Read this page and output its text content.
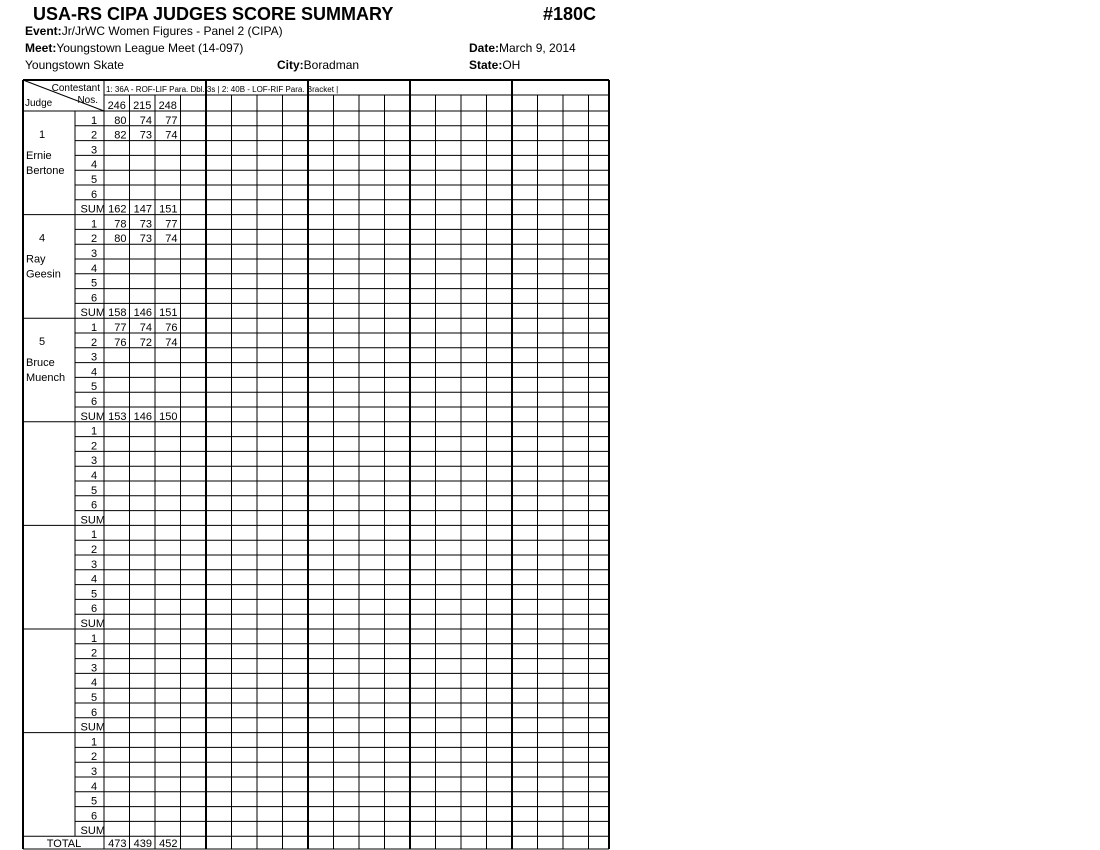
USA-RS CIPA JUDGES SCORE SUMMARY	#180C
Event:Jr/JrWC Women Figures - Panel 2 (CIPA)
Meet:Youngstown League Meet (14-097)	Date:March 9, 2014
Youngstown Skate	City:Boradman	State:OH
Contestant
Nos.
Judge
1: 36A - ROF-LIF Para. Dbl. 3s | 2: 40B - LOF-RIF Para. Bracket |
246 215 248
1
Ernie
Bertone
1 80 74 77
2 82 73 74
3
4
5
6
SUM 162 147 151
4
Ray
Geesin
1 78 73 77
2 80 73 74
3
4
5
6
SUM 158 146 151
5
Bruce
Muench
1 77 74 76
2 76 72 74
3
4
5
6
SUM 153 146 150
1
2
3
4
5
6
SUM
1
2
3
4
5
6
SUM
1
2
3
4
5
6
SUM
1
2
3
4
5
6
SUM
TOTAL 473 439 452
